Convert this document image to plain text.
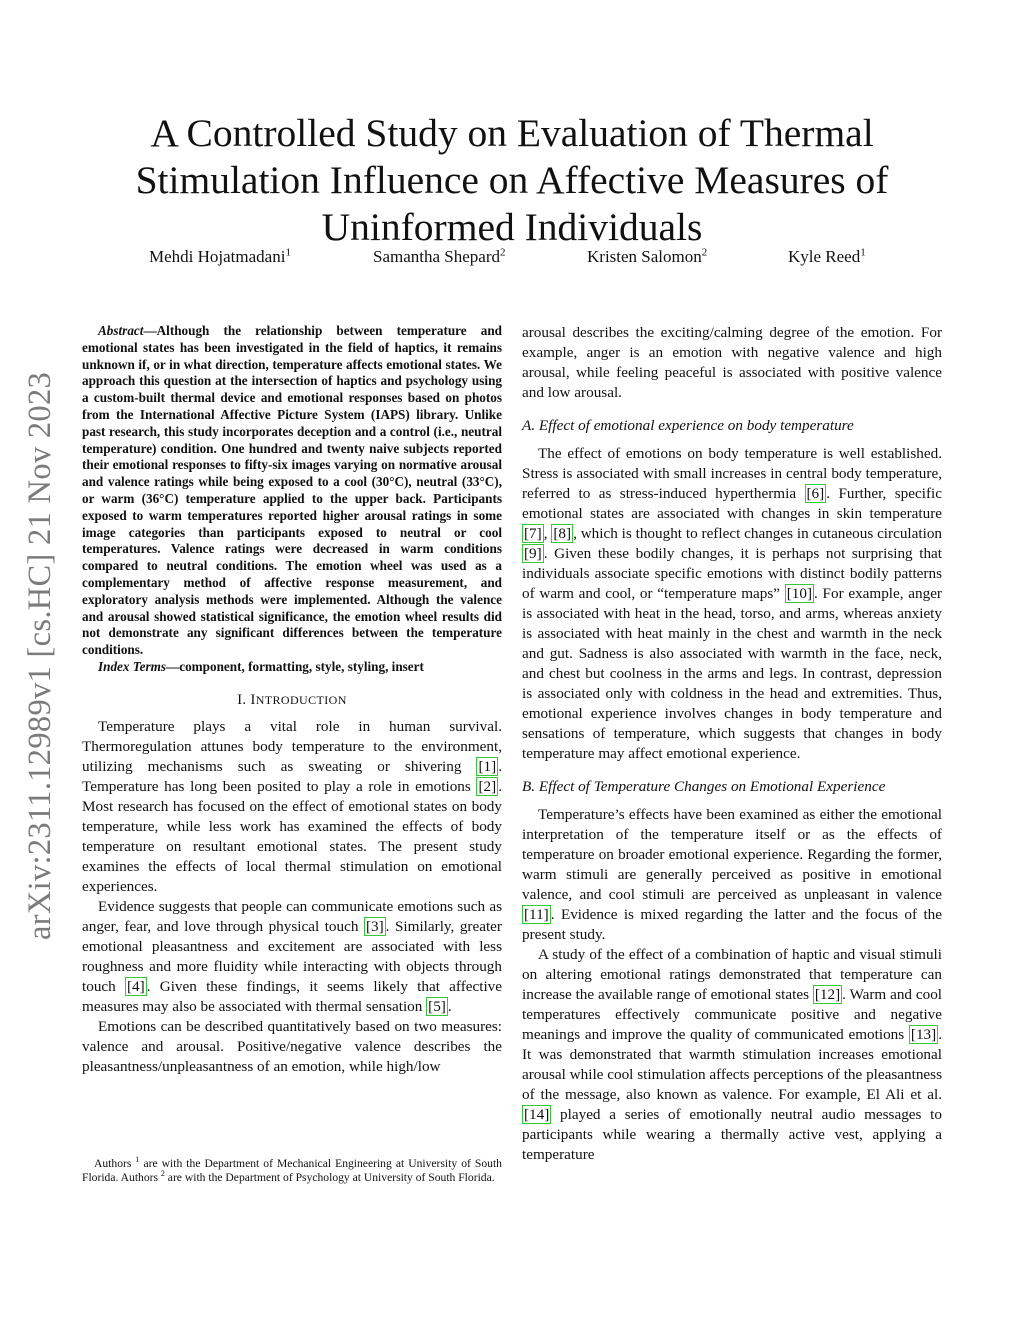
arXiv:2311.12989v1 [cs.HC] 21 Nov 2023
A Controlled Study on Evaluation of Thermal Stimulation Influence on Affective Measures of Uninformed Individuals
Mehdi Hojatmadani$^1$	Samantha Shepard$^2$	Kristen Salomon$^2$	Kyle Reed$^1$

Abstract—Although the relationship between temperature and emotional states has been investigated in the field of haptics, it remains unknown if, or in what direction, temperature affects emotional states. We approach this question at the intersection of haptics and psychology using a custom-built thermal device and emotional responses based on photos from the International Affective Picture System (IAPS) library. Unlike past research, this study incorporates deception and a control (i.e., neutral temperature) condition. One hundred and twenty naive subjects reported their emotional responses to fifty-six images varying on normative arousal and valence ratings while being exposed to a cool (30°C), neutral (33°C), or warm (36°C) temperature applied to the upper back. Participants exposed to warm temperatures reported higher arousal ratings in some image categories than participants exposed to neutral or cool temperatures. Valence ratings were decreased in warm conditions compared to neutral conditions. The emotion wheel was used as a complementary method of affective response measurement, and exploratory analysis methods were implemented. Although the valence and arousal showed statistical significance, the emotion wheel results did not demonstrate any significant differences between the temperature conditions.

Index Terms—component, formatting, style, styling, insert

I. INTRODUCTION

Temperature plays a vital role in human survival. Thermoregulation attunes body temperature to the environment, utilizing mechanisms such as sweating or shivering [1] . Temperature has long been posited to play a role in emotions [2] . Most research has focused on the effect of emotional states on body temperature, while less work has examined the effects of body temperature on resultant emotional states. The present study examines the effects of local thermal stimulation on emotional experiences.

Evidence suggests that people can communicate emotions such as anger, fear, and love through physical touch [3] . Similarly, greater emotional pleasantness and excitement are associated with less roughness and more fluidity while interacting with objects through touch [4] . Given these findings, it seems likely that affective measures may also be associated with thermal sensation [5] .

Emotions can be described quantitatively based on two measures: valence and arousal. Positive/negative valence describes the pleasantness/unpleasantness of an emotion, while high/low

Authors $^1$ are with the Department of Mechanical Engineering at University of South Florida. Authors $^2$ are with the Department of Psychology at University of South Florida.

arousal describes the exciting/calming degree of the emotion. For example, anger is an emotion with negative valence and high arousal, while feeling peaceful is associated with positive valence and low arousal.

A. Effect of emotional experience on body temperature

The effect of emotions on body temperature is well established. Stress is associated with small increases in central body temperature, referred to as stress-induced hyperthermia [6] . Further, specific emotional states are associated with changes in skin temperature [7] , [8] , which is thought to reflect changes in cutaneous circulation [9] . Given these bodily changes, it is perhaps not surprising that individuals associate specific emotions with distinct bodily patterns of warm and cool, or “temperature maps” [10] . For example, anger is associated with heat in the head, torso, and arms, whereas anxiety is associated with heat mainly in the chest and warmth in the neck and gut. Sadness is also associated with warmth in the face, neck, and chest but coolness in the arms and legs. In contrast, depression is associated only with coldness in the head and extremities. Thus, emotional experience involves changes in body temperature and sensations of temperature, which suggests that changes in body temperature may affect emotional experience.

B. Effect of Temperature Changes on Emotional Experience

Temperature’s effects have been examined as either the emotional interpretation of the temperature itself or as the effects of temperature on broader emotional experience. Regarding the former, warm stimuli are generally perceived as positive in emotional valence, and cool stimuli are perceived as unpleasant in valence [11] . Evidence is mixed regarding the latter and the focus of the present study.

A study of the effect of a combination of haptic and visual stimuli on altering emotional ratings demonstrated that temperature can increase the available range of emotional states [12] . Warm and cool temperatures effectively communicate positive and negative meanings and improve the quality of communicated emotions [13] . It was demonstrated that warmth stimulation increases emotional arousal while cool stimulation affects perceptions of the pleasantness of the message, also known as valence. For example, El Ali et al. [14] played a series of emotionally neutral audio messages to participants while wearing a thermally active vest, applying a temperature
